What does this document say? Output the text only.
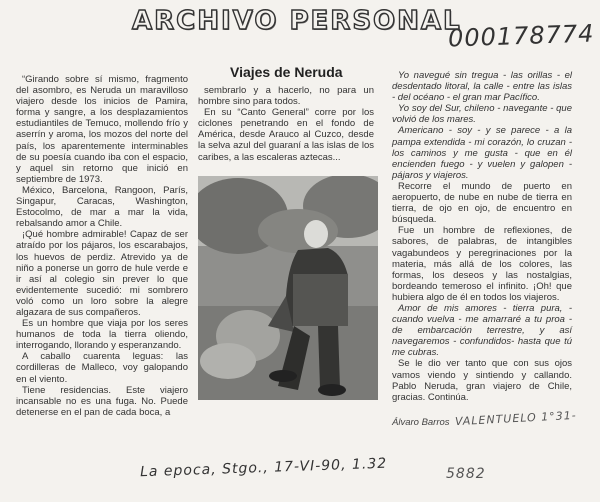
ARCHIVO PERSONAL
000178774
Viajes de Neruda

“Girando sobre sí mismo, fragmento del asombro, es Neruda un maravilloso viajero desde los inicios de Pamira, forma y sangre, a los desplazamientos estudiantiles de Temuco, mollendo frío y aserrín y aroma, los mozos del norte del país, los aparentemente interminables de su poesía cuando iba con el espacio, y aquel sin retorno que inició en septiembre de 1973.

México, Barcelona, Rangoon, París, Singapur, Caracas, Washington, Estocolmo, de mar a mar la vida, rebalsando amor a Chile.

¡Qué hombre admirable! Capaz de ser atraído por los pájaros, los escarabajos, los huevos de perdiz. Atrevido ya de niño a ponerse un gorro de hule verde e ir así al colegio sin prever lo que evidentemente sucedió: mi sombrero voló como un loro sobre la alegre algazara de sus compañeros.

Es un hombre que viaja por los seres humanos de toda la tierra oliendo, interrogando, llorando y esperanzando.

A caballo cuarenta leguas: las cordilleras de Malleco, voy galopando en el viento.

Tiene residencias. Este viajero incansable no es una fuga. No. Puede detenerse en el pan de cada boca, a

sembrarlo y a hacerlo, no para un hombre sino para todos.

En su “Canto General” corre por los ciclones penetrando en el fondo de América, desde Arauco al Cuzco, desde la selva azul del guaraní a las islas de los caribes, a las escaleras aztecas...

Yo navegué sin tregua - las orillas - el desdentado litoral, la calle - entre las islas - del océano - el gran mar Pacífico.

Yo soy del Sur, chileno - navegante - que volvió de los mares.

Americano - soy - y se parece - a la pampa extendida - mi corazón, lo cruzan - los caminos y me gusta - que en él encienden fuego - y vuelen y galopen - pájaros y viajeros.

Recorre el mundo de puerto en aeropuerto, de nube en nube de tierra en tierra, de ojo en ojo, de encuentro en búsqueda.

Fue un hombre de reflexiones, de sabores, de palabras, de intangibles vagabundeos y peregrinaciones por la materia, más allá de los colores, las formas, los deseos y las nostalgias, bordeando temeroso el infinito. ¡Oh! que hubiera algo de él en todos los viajeros.

Amor de mis amores - tierra pura, - cuando vuelva - me amarraré a tu proa - de embarcación terrestre, y así navegaremos - confundidos- hasta que tú me cubras.

Se le dio ver tanto que con sus ojos vamos viendo y sintiendo y callando. Pablo Neruda, gran viajero de Chile, gracias. Continúa.

Álvaro Barros VALENTUELO 1°31-
La epoca, Stgo., 17-VI-90, 1.32	5882
